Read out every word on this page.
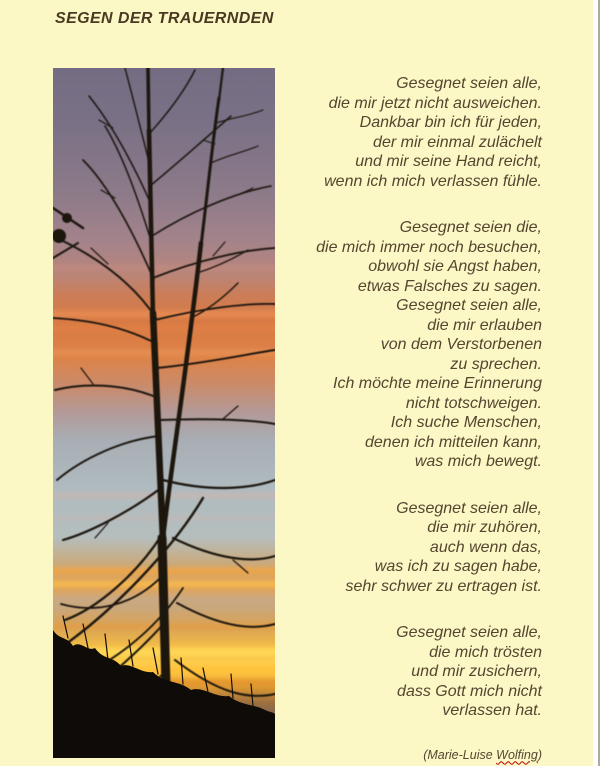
SEGEN DER TRAUERNDEN
Gesegnet seien alle,
die mir jetzt nicht ausweichen.
Dankbar bin ich für jeden,
der mir einmal zulächelt
und mir seine Hand reicht,
wenn ich mich verlassen fühle.
Gesegnet seien die,
die mich immer noch besuchen,
obwohl sie Angst haben,
etwas Falsches zu sagen.
Gesegnet seien alle,
die mir erlauben
von dem Verstorbenen
zu sprechen.
Ich möchte meine Erinnerung
nicht totschweigen.
Ich suche Menschen,
denen ich mitteilen kann,
was mich bewegt.
Gesegnet seien alle,
die mir zuhören,
auch wenn das,
was ich zu sagen habe,
sehr schwer zu ertragen ist.
Gesegnet seien alle,
die mich trösten
und mir zusichern,
dass Gott mich nicht
verlassen hat.
(Marie-Luise Wolfing)
